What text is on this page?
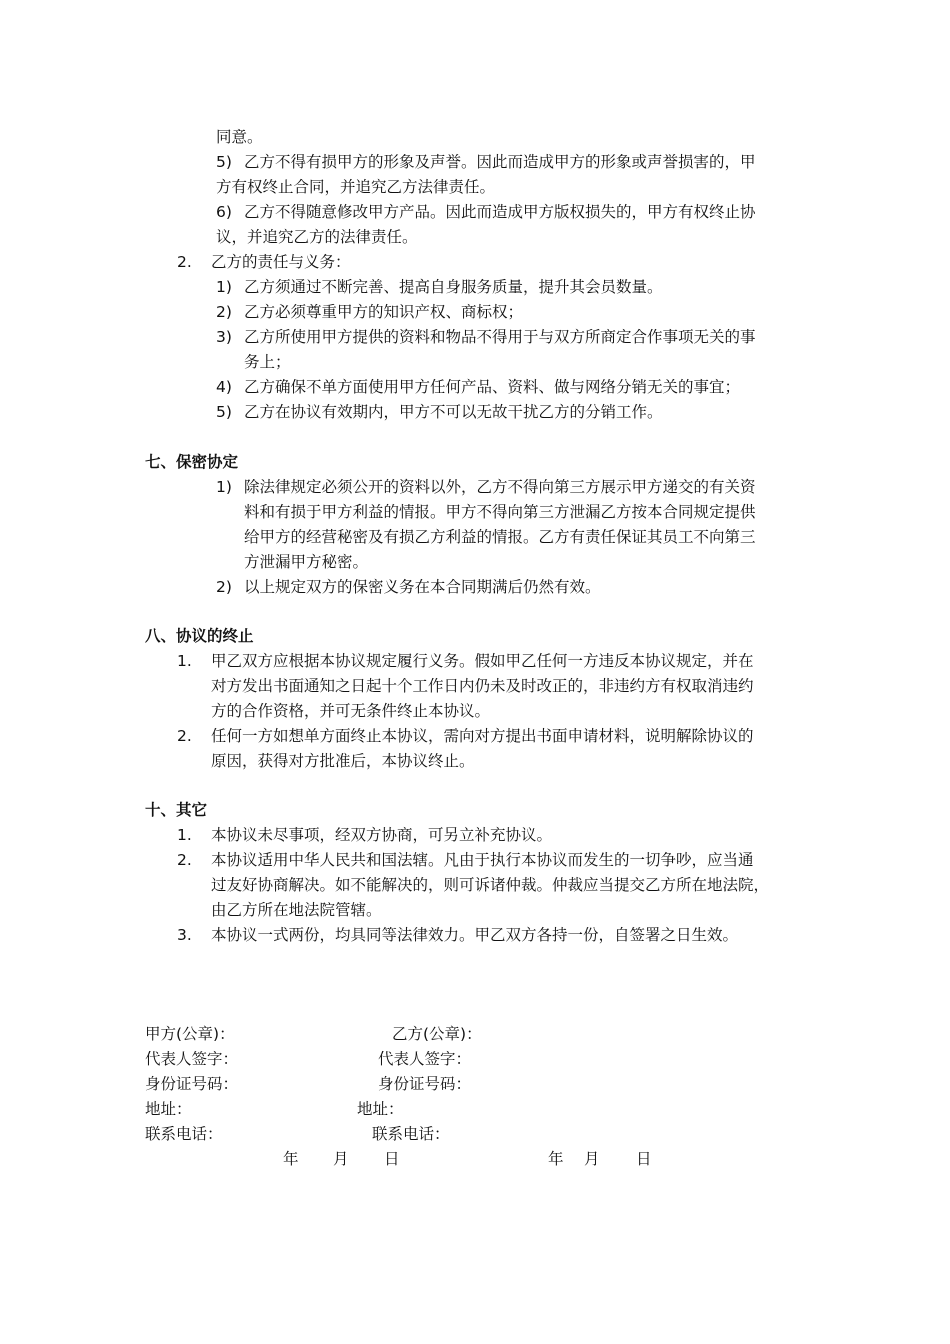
同意。
5) 乙方不得有损甲方的形象及声誉。因此而造成甲方的形象或声誉损害的，甲
方有权终止合同，并追究乙方法律责任。
6) 乙方不得随意修改甲方产品。因此而造成甲方版权损失的，甲方有权终止协
议，并追究乙方的法律责任。
2. 乙方的责任与义务：
1) 乙方须通过不断完善、提高自身服务质量，提升其会员数量。
2) 乙方必须尊重甲方的知识产权、商标权；
3) 乙方所使用甲方提供的资料和物品不得用于与双方所商定合作事项无关的事
务上；
4) 乙方确保不单方面使用甲方任何产品、资料、做与网络分销无关的事宜；
5) 乙方在协议有效期内，甲方不可以无故干扰乙方的分销工作。
七、保密协定
1) 除法律规定必须公开的资料以外，乙方不得向第三方展示甲方递交的有关资
料和有损于甲方利益的情报。甲方不得向第三方泄漏乙方按本合同规定提供
给甲方的经营秘密及有损乙方利益的情报。乙方有责任保证其员工不向第三
方泄漏甲方秘密。
2) 以上规定双方的保密义务在本合同期满后仍然有效。
八、协议的终止
1. 甲乙双方应根据本协议规定履行义务。假如甲乙任何一方违反本协议规定，并在
对方发出书面通知之日起十个工作日内仍未及时改正的，非违约方有权取消违约
方的合作资格，并可无条件终止本协议。
2. 任何一方如想单方面终止本协议，需向对方提出书面申请材料，说明解除协议的
原因，获得对方批准后，本协议终止。
十、其它
1. 本协议未尽事项，经双方协商，可另立补充协议。
2. 本协议适用中华人民共和国法辖。凡由于执行本协议而发生的一切争吵，应当通
过友好协商解决。如不能解决的，则可诉诸仲裁。仲裁应当提交乙方所在地法院，
由乙方所在地法院管辖。
3. 本协议一式两份，均具同等法律效力。甲乙双方各持一份，自签署之日生效。
甲方(公章)：	乙方(公章)：
代表人签字：	代表人签字：
身份证号码：	身份证号码：
地址：	地址：
联系电话：	联系电话：
年 月 日	年 月 日
